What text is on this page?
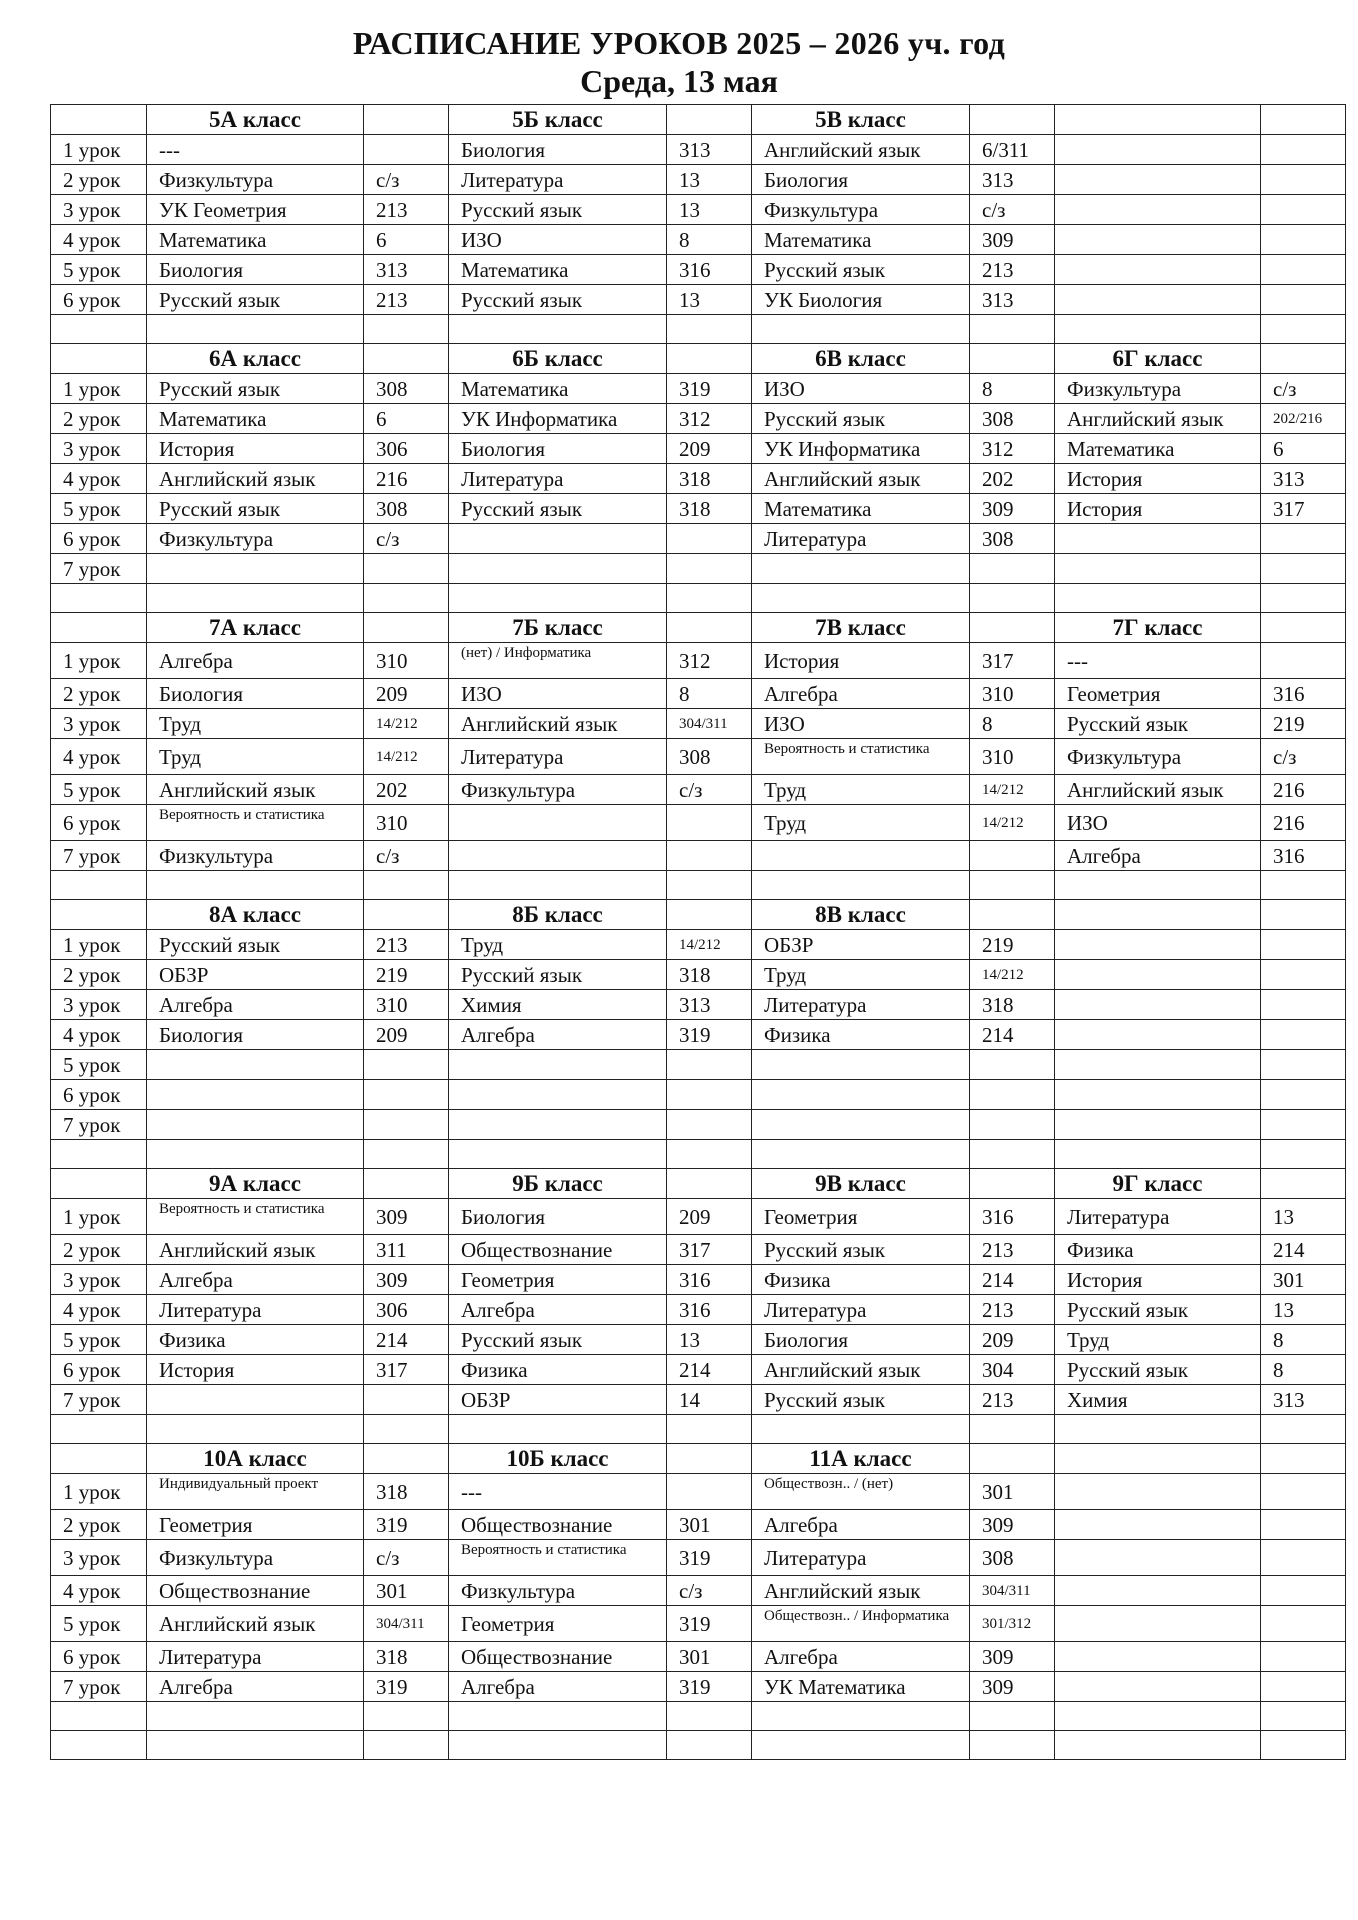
РАСПИСАНИЕ УРОКОВ 2025 – 2026 уч. год
Среда, 13 мая
	5А класс		5Б класс		5В класс			
1 урок	---		Биология	313	Английский язык	6/311		
2 урок	Физкультура	с/з	Литература	13	Биология	313		
3 урок	УК Геометрия	213	Русский язык	13	Физкультура	с/з		
4 урок	Математика	6	ИЗО	8	Математика	309		
5 урок	Биология	313	Математика	316	Русский язык	213		
6 урок	Русский язык	213	Русский язык	13	УК Биология	313		

	6А класс		6Б класс		6В класс		6Г класс	
1 урок	Русский язык	308	Математика	319	ИЗО	8	Физкультура	с/з
2 урок	Математика	6	УК Информатика	312	Русский язык	308	Английский язык	202/216
3 урок	История	306	Биология	209	УК Информатика	312	Математика	6
4 урок	Английский язык	216	Литература	318	Английский язык	202	История	313
5 урок	Русский язык	308	Русский язык	318	Математика	309	История	317
6 урок	Физкультура	с/з			Литература	308		
7 урок								

	7А класс		7Б класс		7В класс		7Г класс	
1 урок	Алгебра	310	(нет) / Информатика	312	История	317	---	
2 урок	Биология	209	ИЗО	8	Алгебра	310	Геометрия	316
3 урок	Труд	14/212	Английский язык	304/311	ИЗО	8	Русский язык	219
4 урок	Труд	14/212	Литература	308	Вероятность и статистика	310	Физкультура	с/з
5 урок	Английский язык	202	Физкультура	с/з	Труд	14/212	Английский язык	216
6 урок	Вероятность и статистика	310			Труд	14/212	ИЗО	216
7 урок	Физкультура	с/з					Алгебра	316

	8А класс		8Б класс		8В класс			
1 урок	Русский язык	213	Труд	14/212	ОБЗР	219		
2 урок	ОБЗР	219	Русский язык	318	Труд	14/212		
3 урок	Алгебра	310	Химия	313	Литература	318		
4 урок	Биология	209	Алгебра	319	Физика	214		
5 урок								
6 урок								
7 урок								

	9А класс		9Б класс		9В класс		9Г класс	
1 урок	Вероятность и статистика	309	Биология	209	Геометрия	316	Литература	13
2 урок	Английский язык	311	Обществознание	317	Русский язык	213	Физика	214
3 урок	Алгебра	309	Геометрия	316	Физика	214	История	301
4 урок	Литература	306	Алгебра	316	Литература	213	Русский язык	13
5 урок	Физика	214	Русский язык	13	Биология	209	Труд	8
6 урок	История	317	Физика	214	Английский язык	304	Русский язык	8
7 урок			ОБЗР	14	Русский язык	213	Химия	313

	10А класс		10Б класс		11А класс			
1 урок	Индивидуальный проект	318	---		Обществозн.. / (нет)	301		
2 урок	Геометрия	319	Обществознание	301	Алгебра	309		
3 урок	Физкультура	с/з	Вероятность и статистика	319	Литература	308		
4 урок	Обществознание	301	Физкультура	с/з	Английский язык	304/311		
5 урок	Английский язык	304/311	Геометрия	319	Обществозн.. / Информатика	301/312		
6 урок	Литература	318	Обществознание	301	Алгебра	309		
7 урок	Алгебра	319	Алгебра	319	УК Математика	309		
